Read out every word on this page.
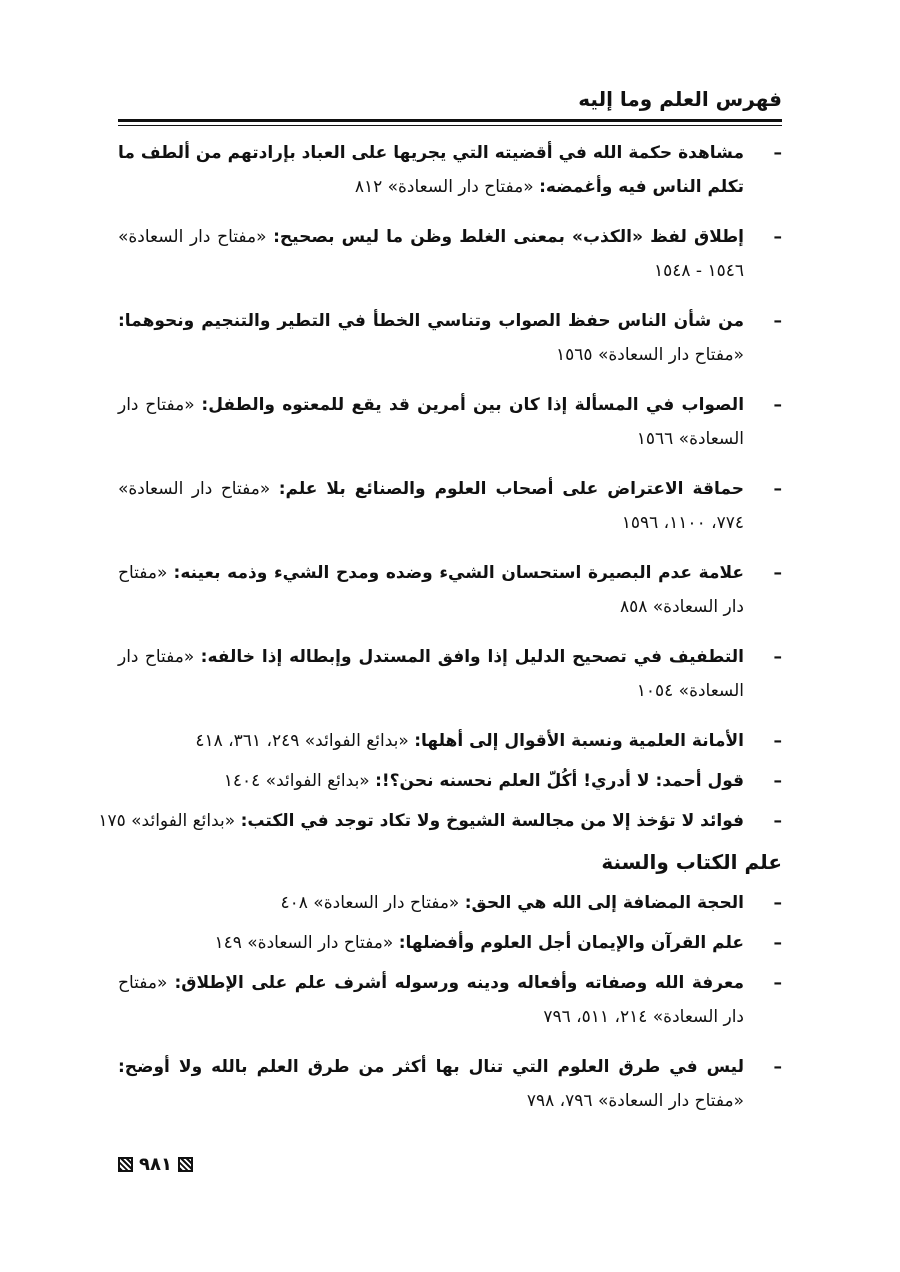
فهرس العلم وما إليه
–
مشاهدة حكمة الله في أقضيته التي يجريها على العباد بإرادتهم من ألطف ما تكلم الناس فيه وأغمضه: «مفتاح دار السعادة» ٨١٢
–
إطلاق لفظ «الكذب» بمعنى الغلط وظن ما ليس بصحيح: «مفتاح دار السعادة» ١٥٤٦ - ١٥٤٨
–
من شأن الناس حفظ الصواب وتناسي الخطأ في التطير والتنجيم ونحوهما: «مفتاح دار السعادة» ١٥٦٥
–
الصواب في المسألة إذا كان بين أمرين قد يقع للمعتوه والطفل: «مفتاح دار السعادة» ١٥٦٦
–
حماقة الاعتراض على أصحاب العلوم والصنائع بلا علم: «مفتاح دار السعادة» ٧٧٤، ١١٠٠، ١٥٩٦
–
علامة عدم البصيرة استحسان الشيء وضده ومدح الشيء وذمه بعينه: «مفتاح دار السعادة» ٨٥٨
–
التطفيف في تصحيح الدليل إذا وافق المستدل وإبطاله إذا خالفه: «مفتاح دار السعادة» ١٠٥٤
–
الأمانة العلمية ونسبة الأقوال إلى أهلها: «بدائع الفوائد» ٢٤٩، ٣٦١، ٤١٨
–
قول أحمد: لا أدري! أكُلّ العلم نحسنه نحن؟!: «بدائع الفوائد» ١٤٠٤
–
فوائد لا تؤخذ إلا من مجالسة الشيوخ ولا تكاد توجد في الكتب: «بدائع الفوائد» ١٧٥
علم الكتاب والسنة
–
الحجة المضافة إلى الله هي الحق: «مفتاح دار السعادة» ٤٠٨
–
علم القرآن والإيمان أجل العلوم وأفضلها: «مفتاح دار السعادة» ١٤٩
–
معرفة الله وصفاته وأفعاله ودينه ورسوله أشرف علم على الإطلاق: «مفتاح دار السعادة» ٢١٤، ٥١١، ٧٩٦
–
ليس في طرق العلوم التي تنال بها أكثر من طرق العلم بالله ولا أوضح: «مفتاح دار السعادة» ٧٩٦، ٧٩٨
٩٨١
